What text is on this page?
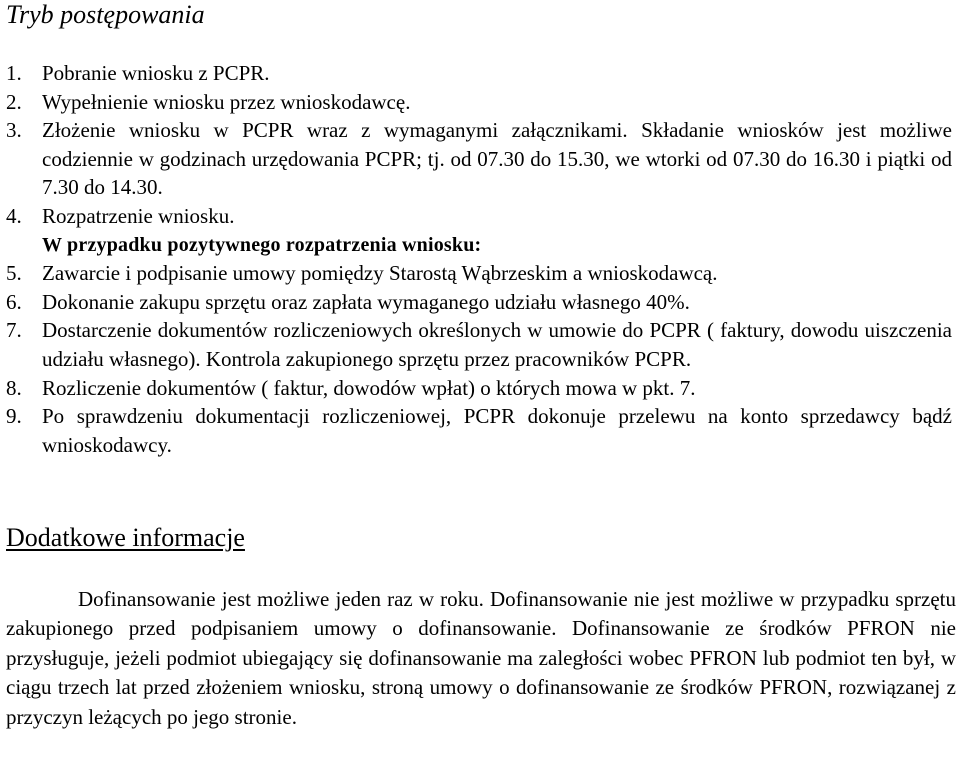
Tryb postępowania
1. Pobranie wniosku z PCPR.
2. Wypełnienie wniosku przez wnioskodawcę.
3. Złożenie wniosku w PCPR wraz z wymaganymi załącznikami. Składanie wniosków jest możliwe codziennie w godzinach urzędowania PCPR; tj. od 07.30 do 15.30, we wtorki od 07.30 do 16.30 i piątki od 7.30 do 14.30.
4. Rozpatrzenie wniosku.
W przypadku pozytywnego rozpatrzenia wniosku:
5. Zawarcie i podpisanie umowy pomiędzy Starostą Wąbrzeskim a wnioskodawcą.
6. Dokonanie zakupu sprzętu oraz zapłata wymaganego udziału własnego 40%.
7. Dostarczenie dokumentów rozliczeniowych określonych w umowie do PCPR ( faktury, dowodu uiszczenia udziału własnego). Kontrola zakupionego sprzętu przez pracowników PCPR.
8. Rozliczenie dokumentów ( faktur, dowodów wpłat) o których mowa w pkt. 7.
9. Po sprawdzeniu dokumentacji rozliczeniowej, PCPR dokonuje przelewu na konto sprzedawcy bądź wnioskodawcy.
Dodatkowe informacje

Dofinansowanie jest możliwe jeden raz w roku. Dofinansowanie nie jest możliwe w przypadku sprzętu zakupionego przed podpisaniem umowy o dofinansowanie. Dofinansowanie ze środków PFRON nie przysługuje, jeżeli podmiot ubiegający się dofinansowanie ma zaległości wobec PFRON lub podmiot ten był, w ciągu trzech lat przed złożeniem wniosku, stroną umowy o dofinansowanie ze środków PFRON, rozwiązanej z przyczyn leżących po jego stronie.
